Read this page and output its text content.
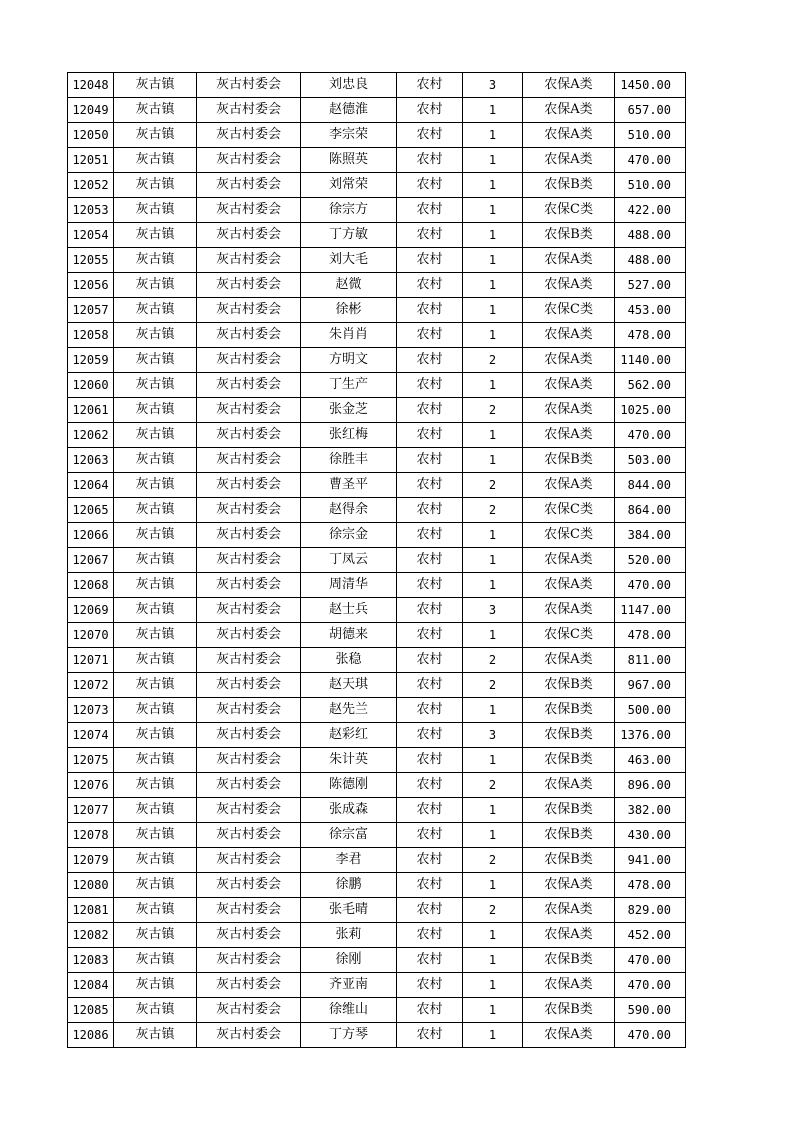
12048	灰古镇	灰古村委会	刘忠良	农村	3	农保A类	1450.00
12049	灰古镇	灰古村委会	赵德淮	农村	1	农保A类	657.00
12050	灰古镇	灰古村委会	李宗荣	农村	1	农保A类	510.00
12051	灰古镇	灰古村委会	陈照英	农村	1	农保A类	470.00
12052	灰古镇	灰古村委会	刘常荣	农村	1	农保B类	510.00
12053	灰古镇	灰古村委会	徐宗方	农村	1	农保C类	422.00
12054	灰古镇	灰古村委会	丁方敏	农村	1	农保B类	488.00
12055	灰古镇	灰古村委会	刘大毛	农村	1	农保A类	488.00
12056	灰古镇	灰古村委会	赵微	农村	1	农保A类	527.00
12057	灰古镇	灰古村委会	徐彬	农村	1	农保C类	453.00
12058	灰古镇	灰古村委会	朱肖肖	农村	1	农保A类	478.00
12059	灰古镇	灰古村委会	方明文	农村	2	农保A类	1140.00
12060	灰古镇	灰古村委会	丁生产	农村	1	农保A类	562.00
12061	灰古镇	灰古村委会	张金芝	农村	2	农保A类	1025.00
12062	灰古镇	灰古村委会	张红梅	农村	1	农保A类	470.00
12063	灰古镇	灰古村委会	徐胜丰	农村	1	农保B类	503.00
12064	灰古镇	灰古村委会	曹圣平	农村	2	农保A类	844.00
12065	灰古镇	灰古村委会	赵得余	农村	2	农保C类	864.00
12066	灰古镇	灰古村委会	徐宗金	农村	1	农保C类	384.00
12067	灰古镇	灰古村委会	丁凤云	农村	1	农保A类	520.00
12068	灰古镇	灰古村委会	周清华	农村	1	农保A类	470.00
12069	灰古镇	灰古村委会	赵士兵	农村	3	农保A类	1147.00
12070	灰古镇	灰古村委会	胡德来	农村	1	农保C类	478.00
12071	灰古镇	灰古村委会	张稳	农村	2	农保A类	811.00
12072	灰古镇	灰古村委会	赵天琪	农村	2	农保B类	967.00
12073	灰古镇	灰古村委会	赵先兰	农村	1	农保B类	500.00
12074	灰古镇	灰古村委会	赵彩红	农村	3	农保B类	1376.00
12075	灰古镇	灰古村委会	朱计英	农村	1	农保B类	463.00
12076	灰古镇	灰古村委会	陈德刚	农村	2	农保A类	896.00
12077	灰古镇	灰古村委会	张成森	农村	1	农保B类	382.00
12078	灰古镇	灰古村委会	徐宗富	农村	1	农保B类	430.00
12079	灰古镇	灰古村委会	李君	农村	2	农保B类	941.00
12080	灰古镇	灰古村委会	徐鹏	农村	1	农保A类	478.00
12081	灰古镇	灰古村委会	张毛晴	农村	2	农保A类	829.00
12082	灰古镇	灰古村委会	张莉	农村	1	农保A类	452.00
12083	灰古镇	灰古村委会	徐刚	农村	1	农保B类	470.00
12084	灰古镇	灰古村委会	齐亚南	农村	1	农保A类	470.00
12085	灰古镇	灰古村委会	徐维山	农村	1	农保B类	590.00
12086	灰古镇	灰古村委会	丁方琴	农村	1	农保A类	470.00
